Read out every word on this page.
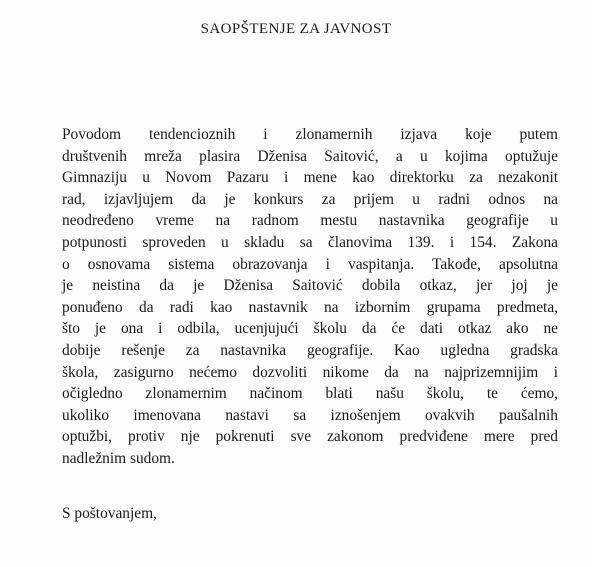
SAOPŠTENJE ZA JAVNOST

Povodom tendencioznih i zlonamernih izjava koje putem
društvenih mreža plasira Dženisa Saitović, a u kojima optužuje
Gimnaziju u Novom Pazaru i mene kao direktorku za nezakonit
rad, izjavljujem da je konkurs za prijem u radni odnos na
neodređeno vreme na radnom mestu nastavnika geografije u
potpunosti sproveden u skladu sa članovima 139. i 154. Zakona
o osnovama sistema obrazovanja i vaspitanja. Takođe, apsolutna
je neistina da je Dženisa Saitović dobila otkaz, jer joj je
ponuđeno da radi kao nastavnik na izbornim grupama predmeta,
što je ona i odbila, ucenjujući školu da će dati otkaz ako ne
dobije rešenje za nastavnika geografije. Kao ugledna gradska
škola, zasigurno nećemo dozvoliti nikome da na najprizemnijim i
očigledno zlonamernim načinom blati našu školu, te ćemo,
ukoliko imenovana nastavi sa iznošenjem ovakvih paušalnih
optužbi, protiv nje pokrenuti sve zakonom predviđene mere pred
nadležnim sudom.

S poštovanjem,
